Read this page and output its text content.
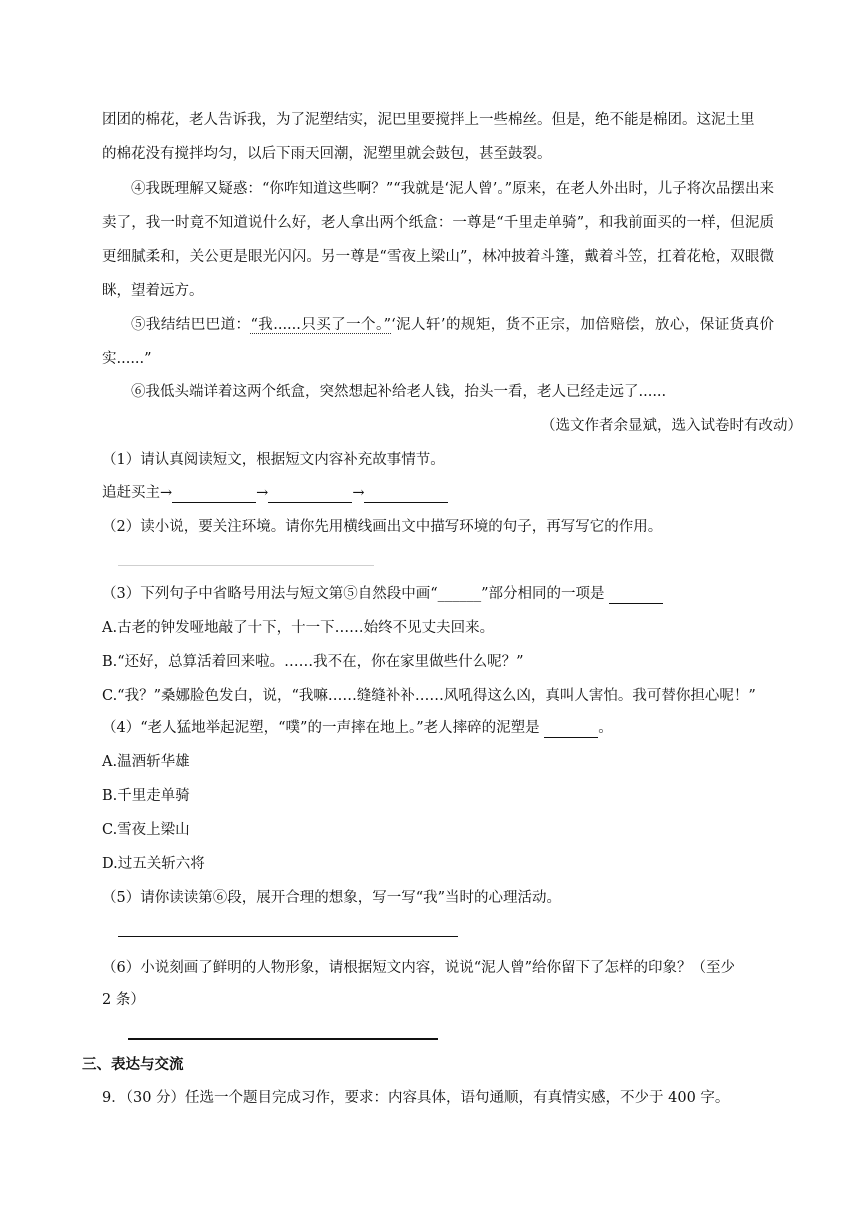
团团的棉花，老人告诉我，为了泥塑结实，泥巴里要搅拌上一些棉丝。但是，绝不能是棉团。这泥土里
的棉花没有搅拌均匀，以后下雨天回潮，泥塑里就会鼓包，甚至鼓裂。
④我既理解又疑惑：“你咋知道这些啊？”“我就是‘泥人曾’。”原来，在老人外出时，儿子将次品摆出来卖了，我一时竟不知道说什么好，老人拿出两个纸盒：一尊是“千里走单骑”，和我前面买的一样，但泥质更细腻柔和，关公更是眼光闪闪。另一尊是“雪夜上梁山”，林冲披着斗篷，戴着斗笠，扛着花枪，双眼微眯，望着远方。
⑤我结结巴巴道：“我......只买了一个。”‘泥人轩’的规矩，货不正宗，加倍赔偿，放心，保证货真价实......”
⑥我低头端详着这两个纸盒，突然想起补给老人钱，抬头一看，老人已经走远了......
（选文作者余显斌，选入试卷时有改动）
（1）请认真阅读短文，根据短文内容补充故事情节。
追赶买主→	→	→
（2）读小说，要关注环境。请你先用横线画出文中描写环境的句子，再写写它的作用。
（3）下列句子中省略号用法与短文第⑤自然段中画“______”部分相同的一项是
A.古老的钟发哑地敲了十下，十一下……始终不见丈夫回来。
B.“还好，总算活着回来啦。……我不在，你在家里做些什么呢？”
C.“我？”桑娜脸色发白，说，“我嘛……缝缝补补……风吼得这么凶，真叫人害怕。我可替你担心呢！”
（4）“老人猛地举起泥塑，“噗”的一声摔在地上。”老人摔碎的泥塑是	。
A.温酒斩华雄
B.千里走单骑
C.雪夜上梁山
D.过五关斩六将
（5）请你读读第⑥段，展开合理的想象，写一写“我”当时的心理活动。
（6）小说刻画了鲜明的人物形象，请根据短文内容，说说“泥人曾”给你留下了怎样的印象？（至少
2 条）
三、表达与交流
9．（30 分）任选一个题目完成习作，要求：内容具体，语句通顺，有真情实感，不少于 400 字。
